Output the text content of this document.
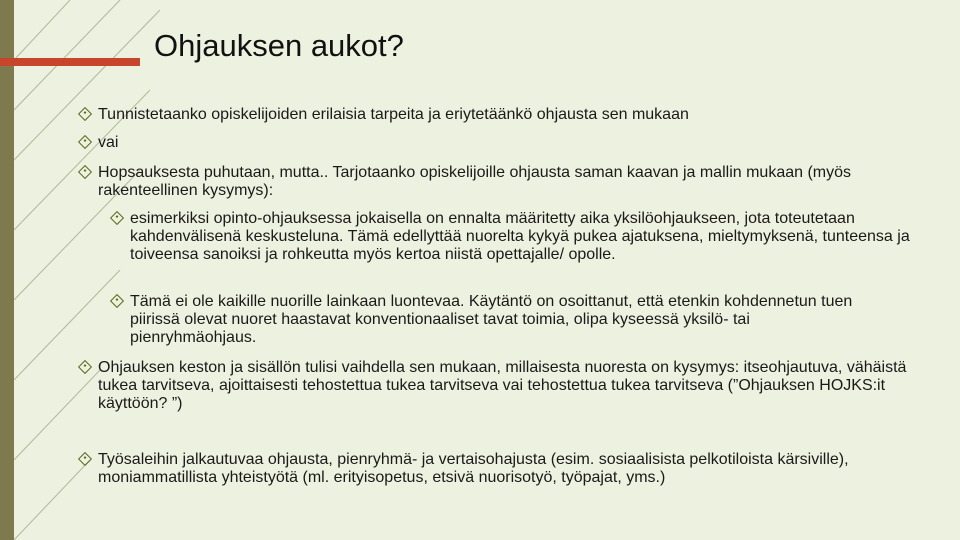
Ohjauksen aukot?
Tunnistetaanko opiskelijoiden erilaisia tarpeita ja eriytetäänkö ohjausta sen mukaan
vai
Hopsauksesta puhutaan, mutta.. Tarjotaanko opiskelijoille ohjausta saman kaavan ja mallin mukaan (myös rakenteellinen kysymys):
esimerkiksi opinto-ohjauksessa jokaisella on ennalta määritetty aika yksilöohjaukseen, jota toteutetaan kahdenvälisenä keskusteluna. Tämä edellyttää nuorelta kykyä pukea ajatuksena, mieltymyksenä, tunteensa ja toiveensa sanoiksi ja rohkeutta myös kertoa niistä opettajalle/ opolle.
Tämä ei ole kaikille nuorille lainkaan luontevaa. Käytäntö on osoittanut, että etenkin kohdennetun tuen piirissä olevat nuoret haastavat konventionaaliset tavat toimia, olipa kyseessä yksilö- tai pienryhmäohjaus.
Ohjauksen keston ja sisällön tulisi vaihdella sen mukaan, millaisesta nuoresta on kysymys: itseohjautuva, vähäistä tukea tarvitseva, ajoittaisesti tehostettua tukea tarvitseva vai tehostettua tukea tarvitseva (”Ohjauksen HOJKS:it käyttöön? ”)
Työsaleihin jalkautuvaa ohjausta, pienryhmä- ja vertaisohajusta (esim. sosiaalisista pelkotiloista kärsiville), moniammatillista yhteistyötä (ml. erityisopetus, etsivä nuorisotyö, työpajat, yms.)
